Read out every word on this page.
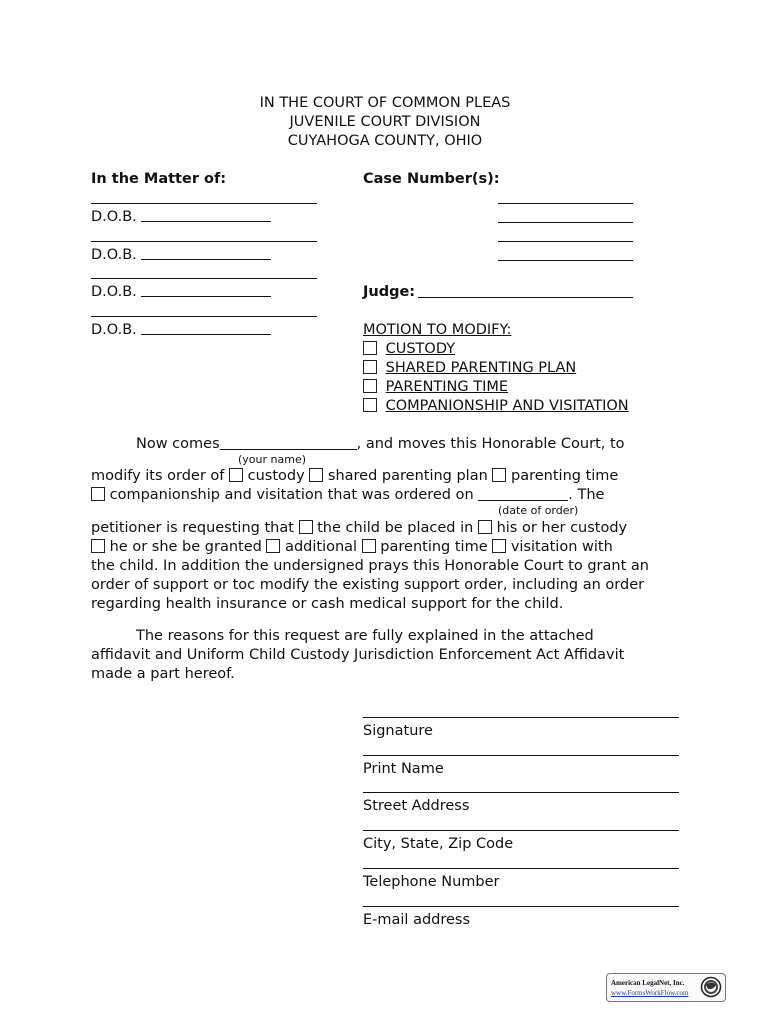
IN THE COURT OF COMMON PLEAS
JUVENILE COURT DIVISION
CUYAHOGA COUNTY, OHIO
In the Matter of:
D.O.B.
D.O.B.
D.O.B.
D.O.B.
Case Number(s):
Judge:
MOTION TO MODIFY:
CUSTODY
SHARED PARENTING PLAN
PARENTING TIME
COMPANIONSHIP AND VISITATION
Now comes	, and moves this Honorable Court, to
(your name)
modify its order of custody shared parenting plan parenting time
companionship and visitation that was ordered on	. The
(date of order)
petitioner is requesting that the child be placed in his or her custody
he or she be granted additional parenting time visitation with
the child. In addition the undersigned prays this Honorable Court to grant an
order of support or toc modify the existing support order, including an order
regarding health insurance or cash medical support for the child.
The reasons for this request are fully explained in the attached
affidavit and Uniform Child Custody Jurisdiction Enforcement Act Affidavit
made a part hereof.
Signature
Print Name
Street Address
City, State, Zip Code
Telephone Number
E-mail address
American LegalNet, Inc.
www.FormsWorkFlow.com
